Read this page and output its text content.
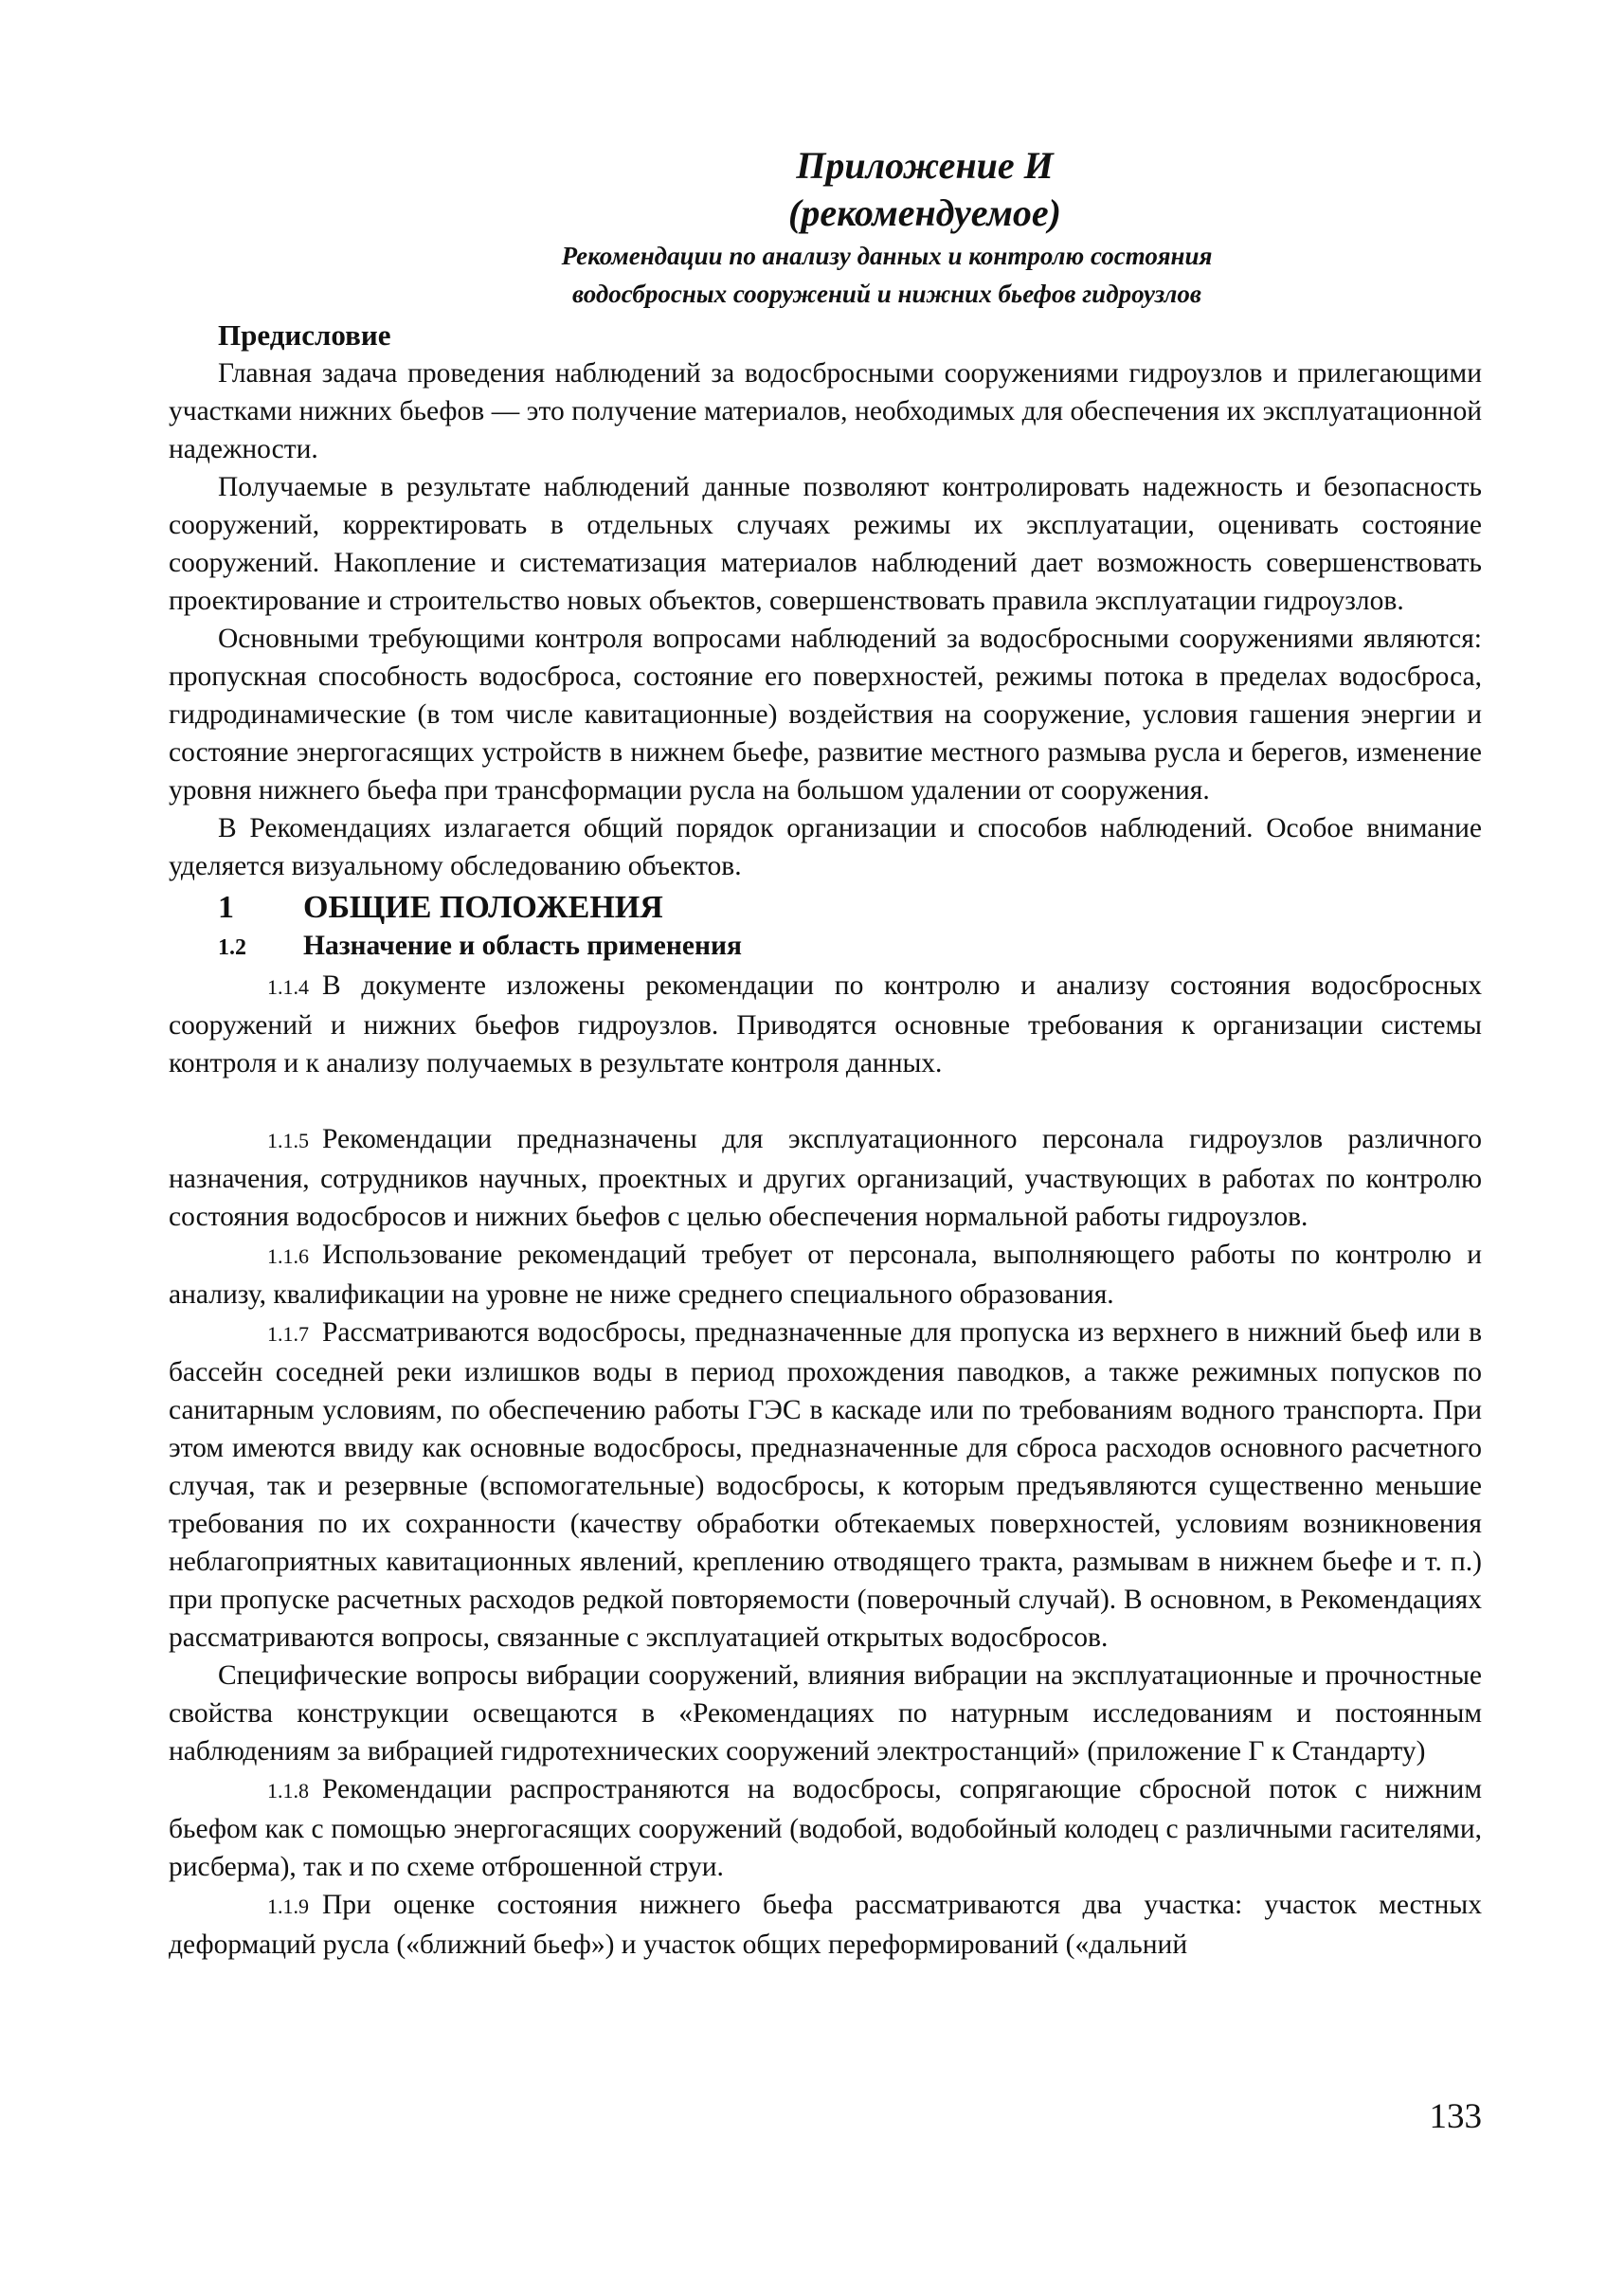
Приложение И
(рекомендуемое)
Рекомендации по анализу данных и контролю состояния
водосбросных сооружений и нижних бьефов гидроузлов
Предисловие

Главная задача проведения наблюдений за водосбросными сооружениями гидроузлов и прилегающими участками нижних бьефов — это получение материалов, необходимых для обеспечения их эксплуатационной надежности.

Получаемые в результате наблюдений данные позволяют контролировать надежность и безопасность сооружений, корректировать в отдельных случаях режимы их эксплуатации, оценивать состояние сооружений. Накопление и систематизация материалов наблюдений дает возможность совершенствовать проектирование и строительство новых объектов, совершенствовать правила эксплуатации гидроузлов.

Основными требующими контроля вопросами наблюдений за водосбросными сооружениями являются: пропускная способность водосброса, состояние его поверхностей, режимы потока в пределах водосброса, гидродинамические (в том числе кавитационные) воздействия на сооружение, условия гашения энергии и состояние энергогасящих устройств в нижнем бьефе, развитие местного размыва русла и берегов, изменение уровня нижнего бьефа при трансформации русла на большом удалении от сооружения.

В Рекомендациях излагается общий порядок организации и способов наблюдений. Особое внимание уделяется визуальному обследованию объектов.

1 ОБЩИЕ ПОЛОЖЕНИЯ
1.2 Назначение и область применения

1.1.4 В документе изложены рекомендации по контролю и анализу состояния водосбросных сооружений и нижних бьефов гидроузлов. Приводятся основные требования к организации системы контроля и к анализу получаемых в результате контроля данных.

1.1.5 Рекомендации предназначены для эксплуатационного персонала гидроузлов различного назначения, сотрудников научных, проектных и других организаций, участвующих в работах по контролю состояния водосбросов и нижних бьефов с целью обеспечения нормальной работы гидроузлов.

1.1.6 Использование рекомендаций требует от персонала, выполняющего работы по контролю и анализу, квалификации на уровне не ниже среднего специального образования.

1.1.7 Рассматриваются водосбросы, предназначенные для пропуска из верхнего в нижний бьеф или в бассейн соседней реки излишков воды в период прохождения паводков, а также режимных попусков по санитарным условиям, по обеспечению работы ГЭС в каскаде или по требованиям водного транспорта. При этом имеются ввиду как основные водосбросы, предназначенные для сброса расходов основного расчетного случая, так и резервные (вспомогательные) водосбросы, к которым предъявляются существенно меньшие требования по их сохранности (качеству обработки обтекаемых поверхностей, условиям возникновения неблагоприятных кавитационных явлений, креплению отводящего тракта, размывам в нижнем бьефе и т. п.) при пропуске расчетных расходов редкой повторяемости (поверочный случай). В основном, в Рекомендациях рассматриваются вопросы, связанные с эксплуатацией открытых водосбросов.

Специфические вопросы вибрации сооружений, влияния вибрации на эксплуатационные и прочностные свойства конструкции освещаются в «Рекомендациях по натурным исследованиям и постоянным наблюдениям за вибрацией гидротехнических сооружений электростанций» (приложение Г к Стандарту)

1.1.8 Рекомендации распространяются на водосбросы, сопрягающие сбросной поток с нижним бьефом как с помощью энергогасящих сооружений (водобой, водобойный колодец с различными гасителями, рисберма), так и по схеме отброшенной струи.

1.1.9 При оценке состояния нижнего бьефа рассматриваются два участка: участок местных деформаций русла («ближний бьеф») и участок общих переформирований («дальний

133
